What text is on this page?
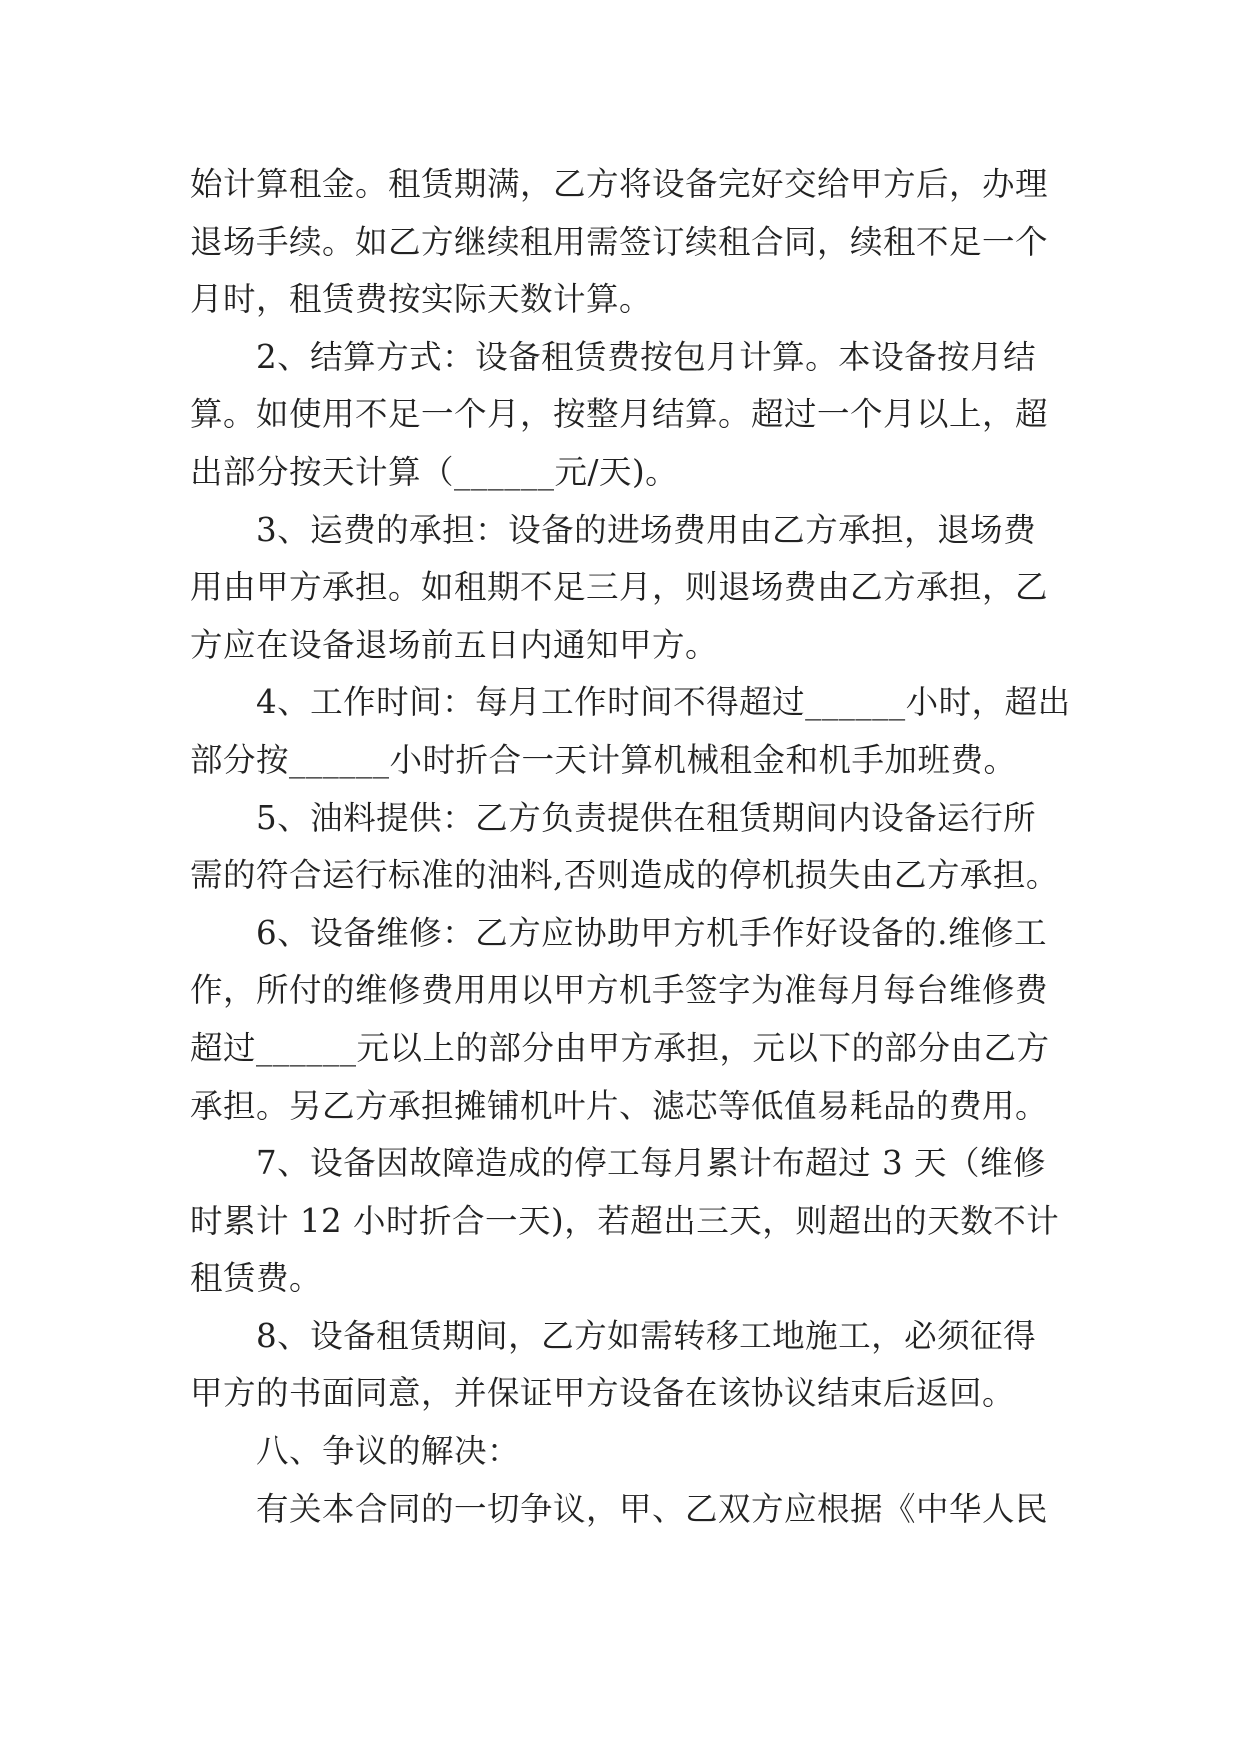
始计算租金。租赁期满，乙方将设备完好交给甲方后，办理
退场手续。如乙方继续租用需签订续租合同，续租不足一个
月时，租赁费按实际天数计算。
2、结算方式：设备租赁费按包月计算。本设备按月结
算。如使用不足一个月，按整月结算。超过一个月以上，超
出部分按天计算（______元/天)。
3、运费的承担：设备的进场费用由乙方承担，退场费
用由甲方承担。如租期不足三月，则退场费由乙方承担，乙
方应在设备退场前五日内通知甲方。
4、工作时间：每月工作时间不得超过______小时，超出
部分按______小时折合一天计算机械租金和机手加班费。
5、油料提供：乙方负责提供在租赁期间内设备运行所
需的符合运行标准的油料,否则造成的停机损失由乙方承担。
6、设备维修：乙方应协助甲方机手作好设备的.维修工
作，所付的维修费用用以甲方机手签字为准每月每台维修费
超过______元以上的部分由甲方承担，元以下的部分由乙方
承担。另乙方承担摊铺机叶片、滤芯等低值易耗品的费用。
7、设备因故障造成的停工每月累计布超过 3 天（维修
时累计 12 小时折合一天)，若超出三天，则超出的天数不计
租赁费。
8、设备租赁期间，乙方如需转移工地施工，必须征得
甲方的书面同意，并保证甲方设备在该协议结束后返回。
八、争议的解决：
有关本合同的一切争议，甲、乙双方应根据《中华人民
